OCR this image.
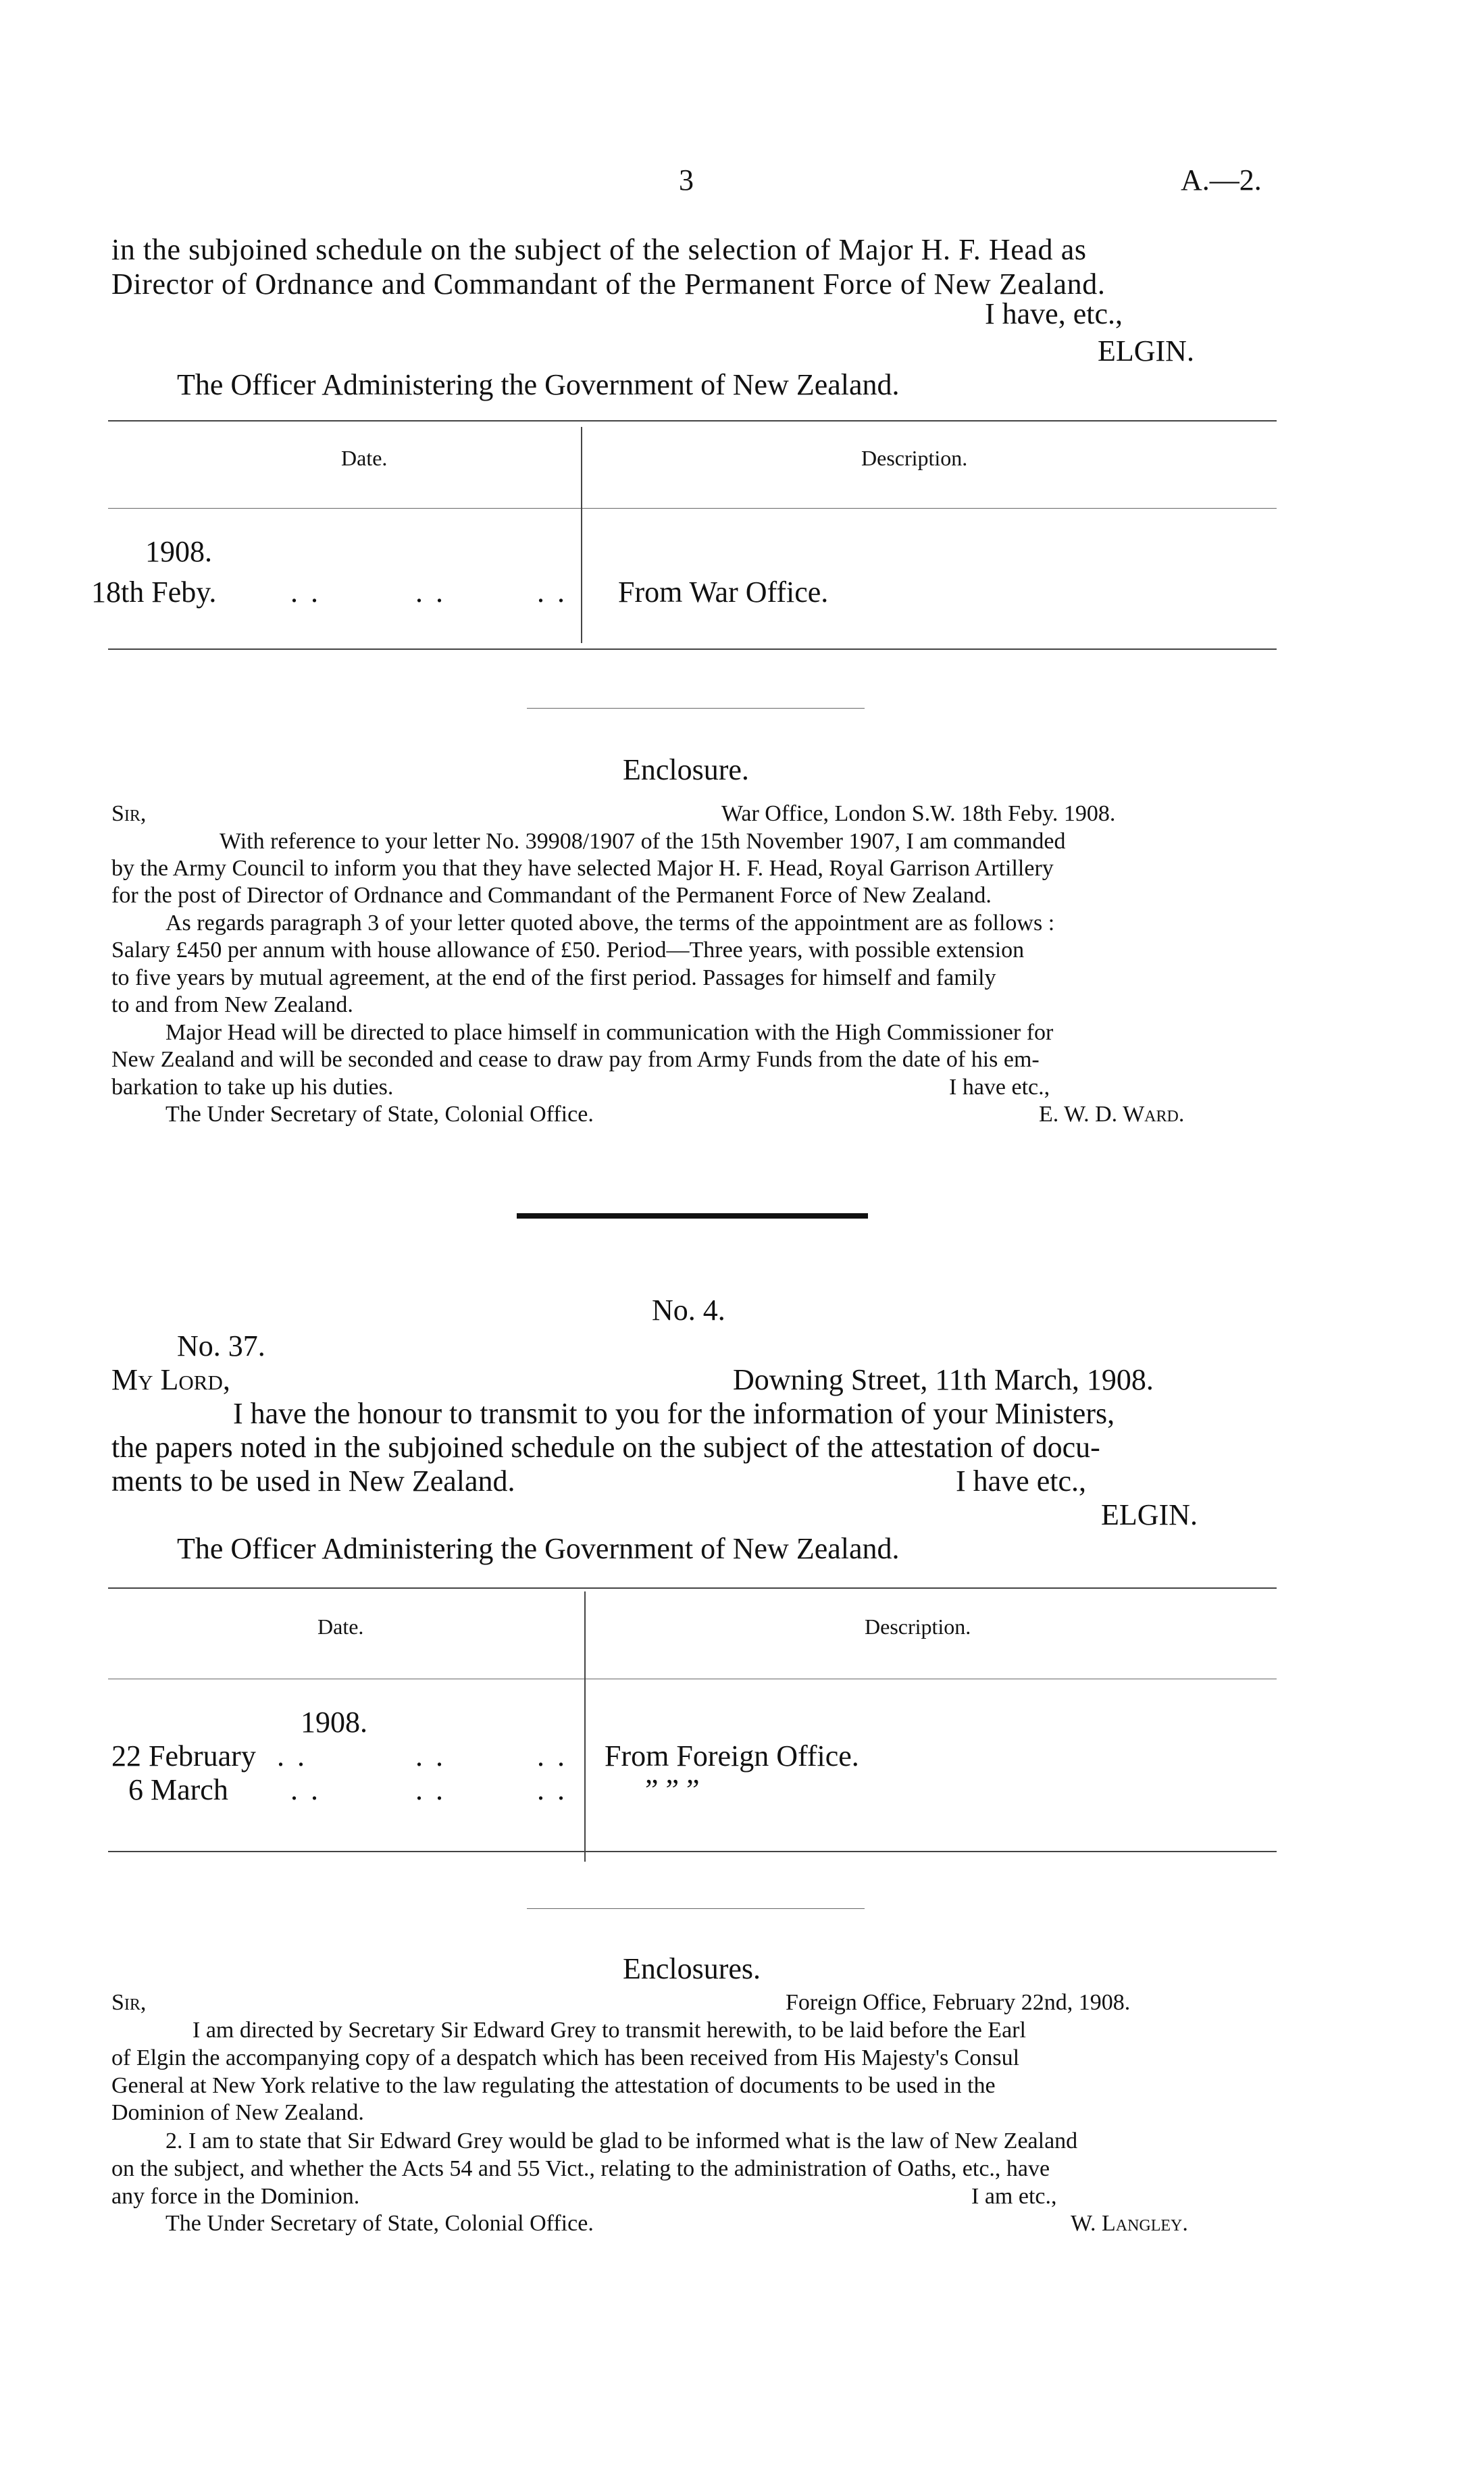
3	A.—2.
in the subjoined schedule on the subject of the selection of Major H. F. Head as
Director of Ordnance and Commandant of the Permanent Force of New Zealand.
I have, etc.,
ELGIN.
The Officer Administering the Government of New Zealand.
Date.	Description.
1908.
18th Feby. . .	. .	. . From War Office.
Enclosure.
Sir,	War Office, London S.W. 18th Feby. 1908.
With reference to your letter No. 39908/1907 of the 15th November 1907, I am commanded
by the Army Council to inform you that they have selected Major H. F. Head, Royal Garrison Artillery
for the post of Director of Ordnance and Commandant of the Permanent Force of New Zealand.
As regards paragraph 3 of your letter quoted above, the terms of the appointment are as follows :
Salary £450 per annum with house allowance of £50. Period—Three years, with possible extension
to five years by mutual agreement, at the end of the first period. Passages for himself and family
to and from New Zealand.
Major Head will be directed to place himself in communication with the High Commissioner for
New Zealand and will be seconded and cease to draw pay from Army Funds from the date of his em-
barkation to take up his duties.	I have etc.,
The Under Secretary of State, Colonial Office.	E. W. D. Ward.
No. 4.
No. 37.
My Lord,	Downing Street, 11th March, 1908.
I have the honour to transmit to you for the information of your Ministers,
the papers noted in the subjoined schedule on the subject of the attestation of docu-
ments to be used in New Zealand.	I have etc.,
ELGIN.
The Officer Administering the Government of New Zealand.
Date.	Description.
1908.
22 February . .	. .	. . From Foreign Office.
6 March . .	. .	. .	” ” ”
Enclosures.
Sir,	Foreign Office, February 22nd, 1908.
I am directed by Secretary Sir Edward Grey to transmit herewith, to be laid before the Earl
of Elgin the accompanying copy of a despatch which has been received from His Majesty's Consul
General at New York relative to the law regulating the attestation of documents to be used in the
Dominion of New Zealand.
2. I am to state that Sir Edward Grey would be glad to be informed what is the law of New Zealand
on the subject, and whether the Acts 54 and 55 Vict., relating to the administration of Oaths, etc., have
any force in the Dominion.	I am etc.,
The Under Secretary of State, Colonial Office.	W. Langley.
